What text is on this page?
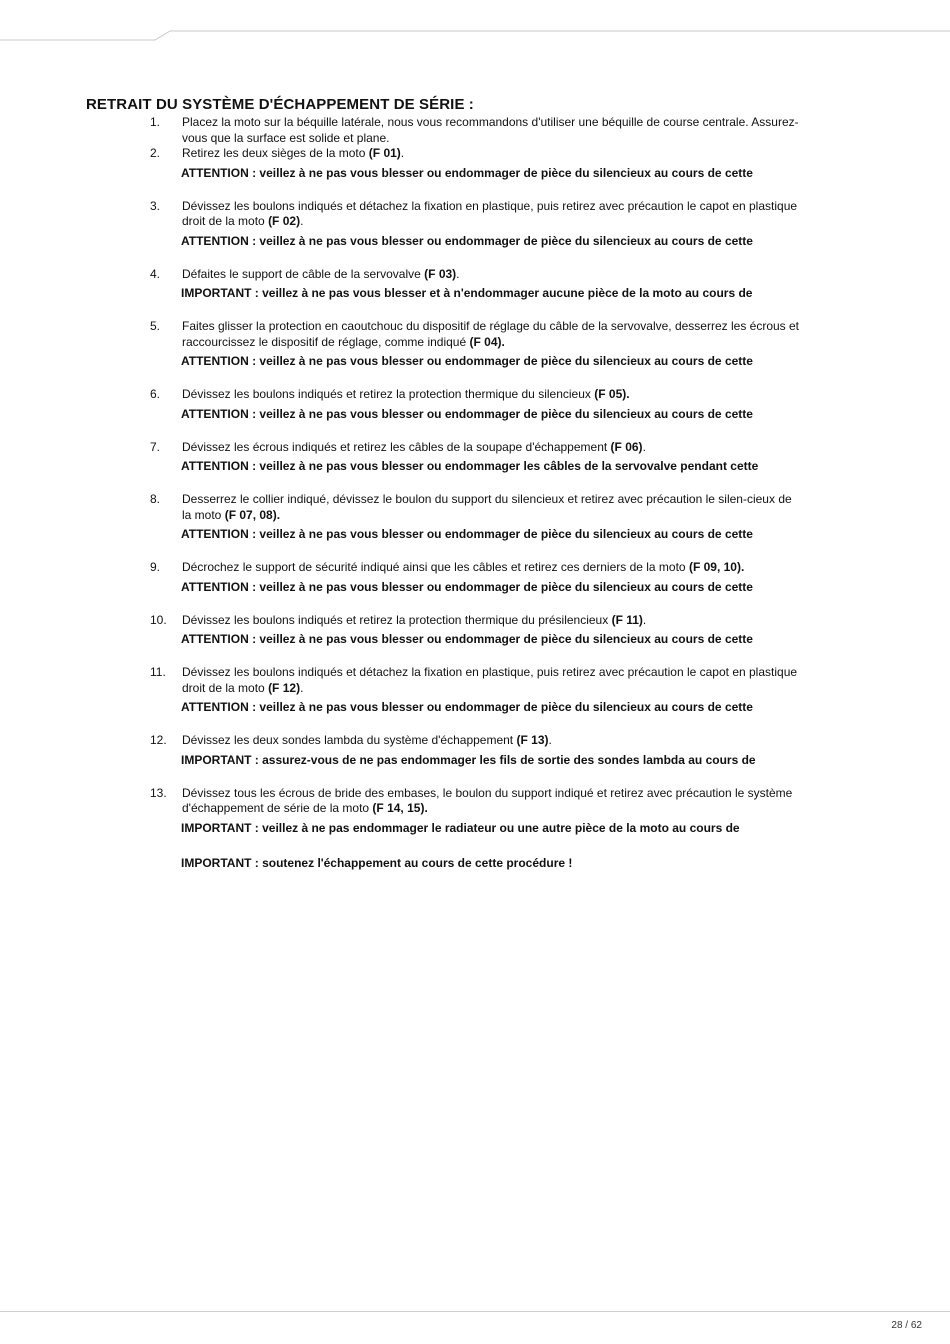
RETRAIT DU SYSTÈME D'ÉCHAPPEMENT DE SÉRIE :
1.	Placez la moto sur la béquille latérale, nous vous recommandons d'utiliser une béquille de course centrale. Assurez-vous que la surface est solide et plane.
2.	Retirez les deux sièges de la moto (F 01).
ATTENTION : veillez à ne pas vous blesser ou endommager de pièce du silencieux au cours de cette
3.	Dévissez les boulons indiqués et détachez la fixation en plastique, puis retirez avec précaution le capot en plastique droit de la moto (F 02).
ATTENTION : veillez à ne pas vous blesser ou endommager de pièce du silencieux au cours de cette
4.	Défaites le support de câble de la servovalve (F 03).
IMPORTANT : veillez à ne pas vous blesser et à n'endommager aucune pièce de la moto au cours de
5.	Faites glisser la protection en caoutchouc du dispositif de réglage du câble de la servovalve, desserrez les écrous et raccourcissez le dispositif de réglage, comme indiqué (F 04).
ATTENTION : veillez à ne pas vous blesser ou endommager de pièce du silencieux au cours de cette
6.	Dévissez les boulons indiqués et retirez la protection thermique du silencieux (F 05).
ATTENTION : veillez à ne pas vous blesser ou endommager de pièce du silencieux au cours de cette
7.	Dévissez les écrous indiqués et retirez les câbles de la soupape d'échappement (F 06).
ATTENTION : veillez à ne pas vous blesser ou endommager les câbles de la servovalve pendant cette
8.	Desserrez le collier indiqué, dévissez le boulon du support du silencieux et retirez avec précaution le silen-cieux de la moto (F 07, 08).
ATTENTION : veillez à ne pas vous blesser ou endommager de pièce du silencieux au cours de cette
9.	Décrochez le support de sécurité indiqué ainsi que les câbles et retirez ces derniers de la moto (F 09, 10).
ATTENTION : veillez à ne pas vous blesser ou endommager de pièce du silencieux au cours de cette
10.	Dévissez les boulons indiqués et retirez la protection thermique du présilencieux (F 11).
ATTENTION : veillez à ne pas vous blesser ou endommager de pièce du silencieux au cours de cette
11.	Dévissez les boulons indiqués et détachez la fixation en plastique, puis retirez avec précaution le capot en plastique droit de la moto (F 12).
ATTENTION : veillez à ne pas vous blesser ou endommager de pièce du silencieux au cours de cette
12.	Dévissez les deux sondes lambda du système d'échappement (F 13).
IMPORTANT : assurez-vous de ne pas endommager les fils de sortie des sondes lambda au cours de
13.	Dévissez tous les écrous de bride des embases, le boulon du support indiqué et retirez avec précaution le système d'échappement de série de la moto (F 14, 15).
IMPORTANT : veillez à ne pas endommager le radiateur ou une autre pièce de la moto au cours de
IMPORTANT : soutenez l'échappement au cours de cette procédure !
28 / 62
